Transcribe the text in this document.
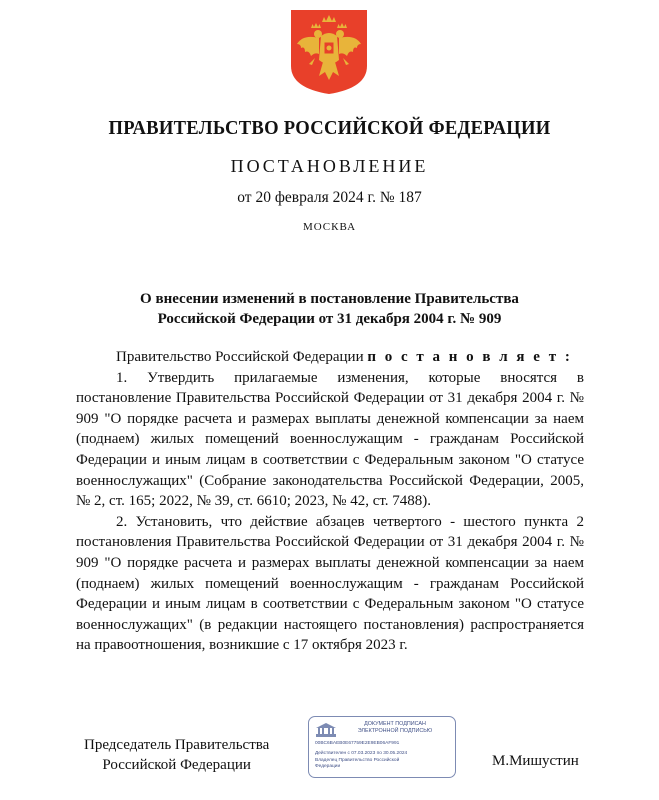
ПРАВИТЕЛЬСТВО РОССИЙСКОЙ ФЕДЕРАЦИИ
ПОСТАНОВЛЕНИЕ
от 20 февраля 2024 г. № 187
МОСКВА
О внесении изменений в постановление Правительства
Российской Федерации от 31 декабря 2004 г. № 909

Правительство Российской Федерации п о с т а н о в л я е т :

1. Утвердить прилагаемые изменения, которые вносятся в постановление Правительства Российской Федерации от 31 декабря 2004 г. № 909 "О порядке расчета и размерах выплаты денежной компенсации за наем (поднаем) жилых помещений военнослужащим - гражданам Российской Федерации и иным лицам в соответствии с Федеральным законом "О статусе военнослужащих" (Собрание законодательства Российской Федерации, 2005, № 2, ст. 165; 2022, № 39, ст. 6610; 2023, № 42, ст. 7488).

2. Установить, что действие абзацев четвертого - шестого пункта 2 постановления Правительства Российской Федерации от 31 декабря 2004 г. № 909 "О порядке расчета и размерах выплаты денежной компенсации за наем (поднаем) жилых помещений военнослужащим - гражданам Российской Федерации и иным лицам в соответствии с Федеральным законом "О статусе военнослужащих" (в редакции настоящего постановления) распространяется на правоотношения, возникшие с 17 октября 2023 г.

Председатель Правительства
Российской Федерации
ДОКУМЕНТ ПОДПИСАН
ЭЛЕКТРОННОЙ ПОДПИСЬЮ
00BC6BAEB0E67759E2E9EB06AF991
Действителен с 07.03.2023 по 30.05.2024
Владелец Правительство Российской
Федерации	М.Мишустин
